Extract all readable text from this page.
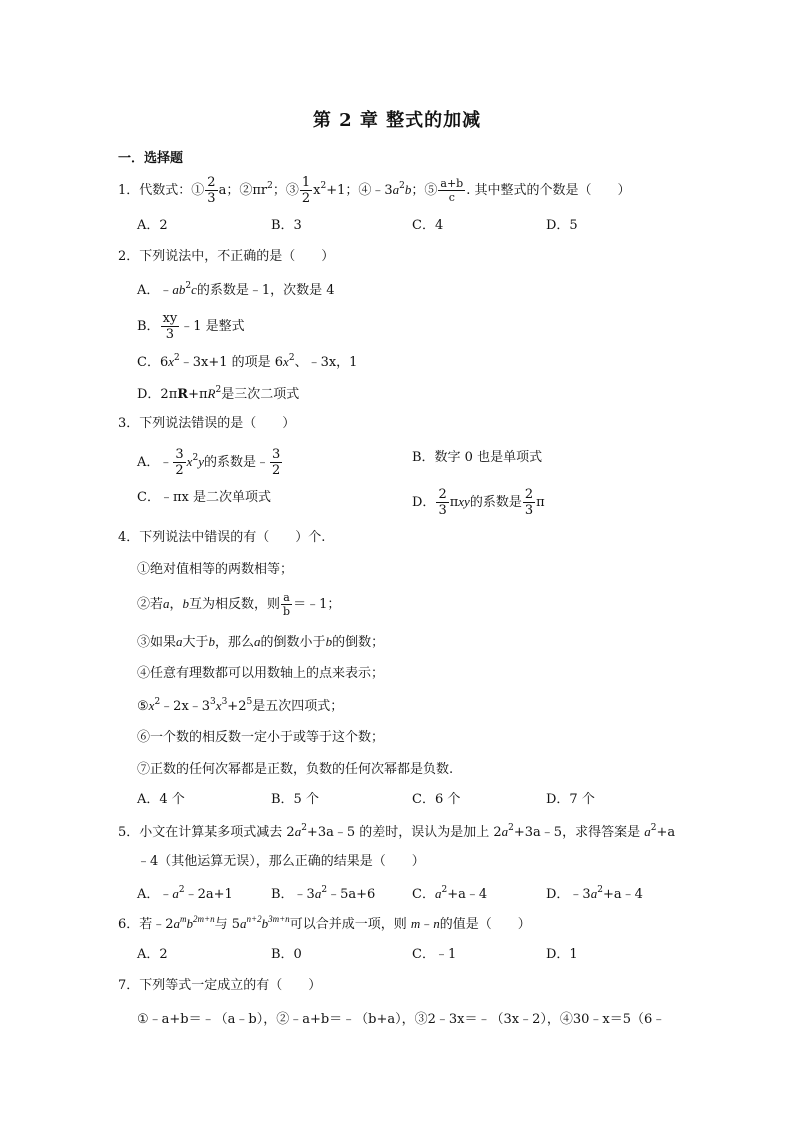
第 2 章 整式的加减
一．选择题
1．代数式：① $\frac{2}{3}$ a；$②\pi r^2$；③ $\frac{1}{2} x^2+1$；$④﹣3a^2b$；⑤ $\frac{a+b}{c}$ . 其中整式的个数是（　　）
A．2	B．3	C．4	D．5
2．下列说法中，不正确的是（　　）
A．$﹣ab^2c$的系数是﹣1，次数是 4
B． $\frac{xy}{3}$ ﹣1 是整式
C．$6x^2﹣3x+1$ 的项是 $6x^2$、﹣3x，1
D．$2\pi R+\pi R^2$是三次二项式
3．下列说法错误的是（　　）
A．﹣ $\frac{3}{2} x^2y$的系数是﹣ $\frac{3}{2}$	B．数字 0 也是单项式
C．﹣πx 是二次单项式	D． $\frac{2}{3}$ πxy的系数是 $\frac{2}{3}$ π
4．下列说法中错误的有（　　）个.
①绝对值相等的两数相等；
②若a，b互为相反数，则 $\frac{a}{b}$ ＝﹣1；
③如果a大于b，那么a的倒数小于b的倒数；
④任意有理数都可以用数轴上的点来表示；
$⑤x^2﹣2x﹣3^3x^3+2^5$是五次四项式；
⑥一个数的相反数一定小于或等于这个数；
⑦正数的任何次幂都是正数，负数的任何次幂都是负数.
A．4 个	B．5 个	C．6 个	D．7 个
5．小文在计算某多项式减去 $2a^2+3a﹣5$ 的差时，误认为是加上 $2a^2+3a﹣5$，求得答案是 $a^2+a$
﹣4（其他运算无误），那么正确的结果是（　　）
A．$﹣a^2﹣2a+1$	B．$﹣3a^2﹣5a+6$	C．$a^2+a﹣4$	D．$﹣3a^2+a﹣4$
6．若$﹣2a^mb^{2m+n}$与 $5a^{n+2}b^{3m+n}$可以合并成一项，则 m﹣n的值是（　　）
A．2	B．0	C．﹣1	D．1
7．下列等式一定成立的有（　　）
①﹣a+b＝﹣（a﹣b），②﹣a+b＝﹣（b+a），③2﹣3x＝﹣（3x﹣2），④30﹣x＝5（6﹣
